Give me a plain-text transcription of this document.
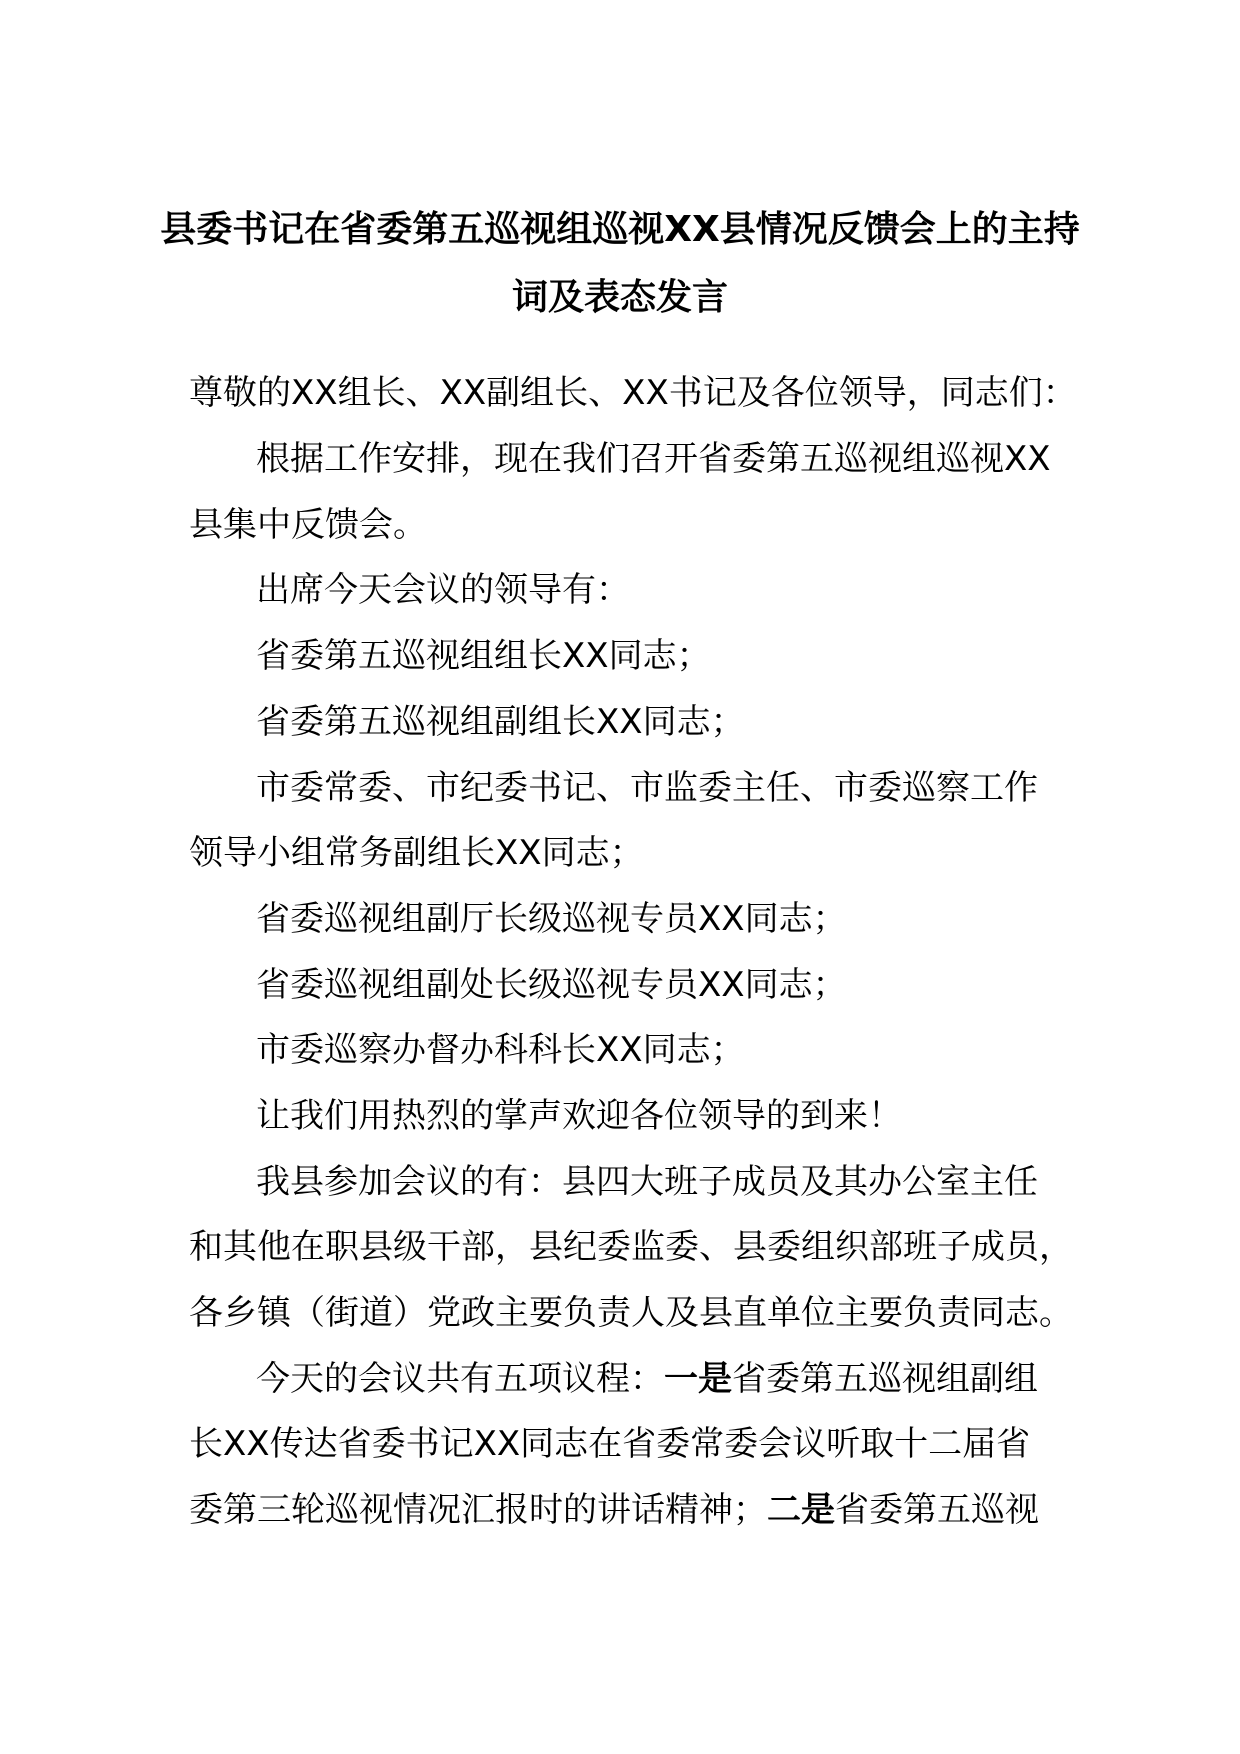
县委书记在省委第五巡视组巡视XX县情况反馈会上的主持
词及表态发言
尊敬的XX组长、XX副组长、XX书记及各位领导，同志们：
根据工作安排，现在我们召开省委第五巡视组巡视XX
县集中反馈会。
出席今天会议的领导有：
省委第五巡视组组长XX同志；
省委第五巡视组副组长XX同志；
市委常委、市纪委书记、市监委主任、市委巡察工作
领导小组常务副组长XX同志；
省委巡视组副厅长级巡视专员XX同志；
省委巡视组副处长级巡视专员XX同志；
市委巡察办督办科科长XX同志；
让我们用热烈的掌声欢迎各位领导的到来！
我县参加会议的有：县四大班子成员及其办公室主任
和其他在职县级干部，县纪委监委、县委组织部班子成员，
各乡镇（街道）党政主要负责人及县直单位主要负责同志。
今天的会议共有五项议程：一是省委第五巡视组副组
长XX传达省委书记XX同志在省委常委会议听取十二届省
委第三轮巡视情况汇报时的讲话精神；二是省委第五巡视
